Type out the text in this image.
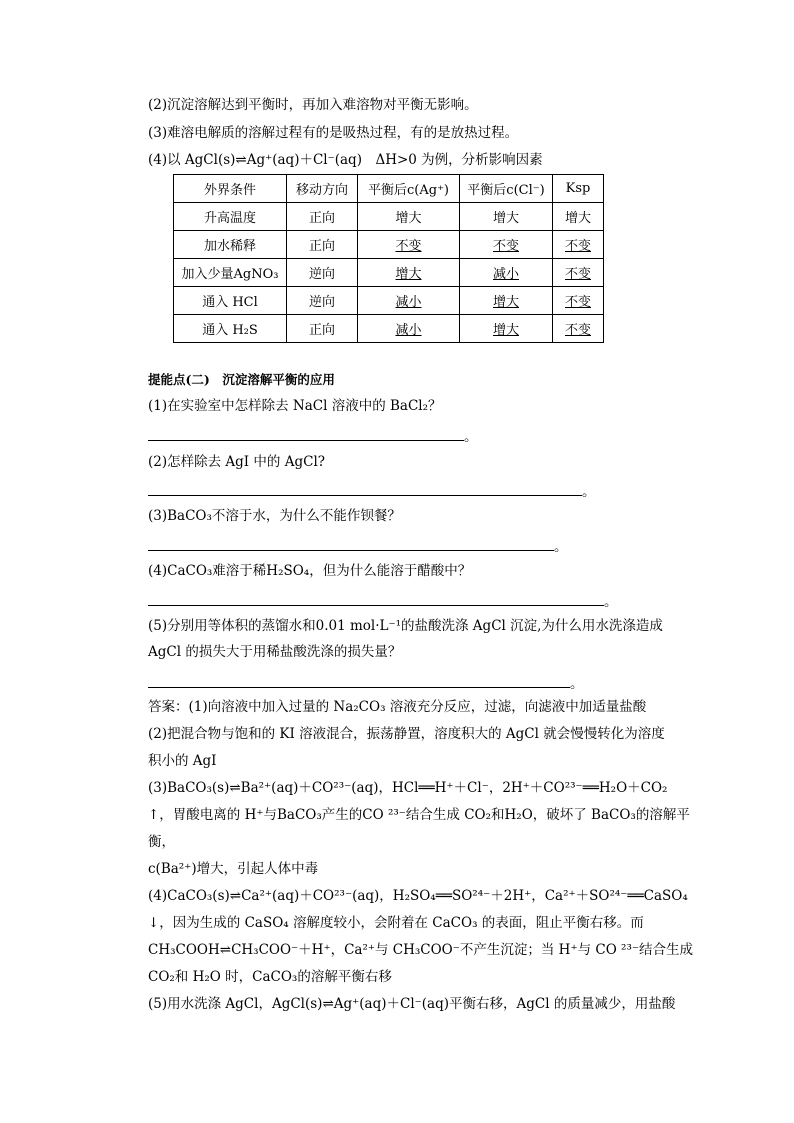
(2)沉淀溶解达到平衡时，再加入难溶物对平衡无影响。
(3)难溶电解质的溶解过程有的是吸热过程，有的是放热过程。
(4)以 AgCl(s)⇌Ag⁺(aq)＋Cl⁻(aq)　ΔH>0 为例，分析影响因素
外界条件	移动方向	平衡后c(Ag⁺)	平衡后c(Cl⁻)	Ksp
升高温度	正向	增大	增大	增大
加水稀释	正向	不变	不变	不变
加入少量AgNO₃	逆向	增大	减小	不变
通入 HCl	逆向	减小	增大	不变
通入 H₂S	正向	减小	增大	不变
提能点(二)　沉淀溶解平衡的应用
(1)在实验室中怎样除去 NaCl 溶液中的 BaCl₂？
。
(2)怎样除去 AgI 中的 AgCl?
。
(3)BaCO₃不溶于水，为什么不能作钡餐？
。
(4)CaCO₃难溶于稀H₂SO₄，但为什么能溶于醋酸中？
。
(5)分别用等体积的蒸馏水和0.01 mol·L⁻¹的盐酸洗涤 AgCl 沉淀,为什么用水洗涤造成
AgCl 的损失大于用稀盐酸洗涤的损失量？
。
答案：(1)向溶液中加入过量的 Na₂CO₃ 溶液充分反应，过滤，向滤液中加适量盐酸
(2)把混合物与饱和的 KI 溶液混合，振荡静置，溶度积大的 AgCl 就会慢慢转化为溶度
积小的 AgI
(3)BaCO₃(s)⇌Ba²⁺(aq)＋CO²³⁻(aq)，HCl══H⁺＋Cl⁻，2H⁺＋CO²³⁻══H₂O＋CO₂
↑，胃酸电离的 H⁺与BaCO₃产生的CO ²³⁻结合生成 CO₂和H₂O，破坏了 BaCO₃的溶解平
衡，
c(Ba²⁺)增大，引起人体中毒
(4)CaCO₃(s)⇌Ca²⁺(aq)＋CO²³⁻(aq)，H₂SO₄══SO²⁴⁻＋2H⁺，Ca²⁺＋SO²⁴⁻══CaSO₄
↓，因为生成的 CaSO₄ 溶解度较小，会附着在 CaCO₃ 的表面，阻止平衡右移。而
CH₃COOH⇌CH₃COO⁻＋H⁺，Ca²⁺与 CH₃COO⁻不产生沉淀；当 H⁺与 CO ²³⁻结合生成
CO₂和 H₂O 时，CaCO₃的溶解平衡右移
(5)用水洗涤 AgCl，AgCl(s)⇌Ag⁺(aq)＋Cl⁻(aq)平衡右移，AgCl 的质量减少，用盐酸
